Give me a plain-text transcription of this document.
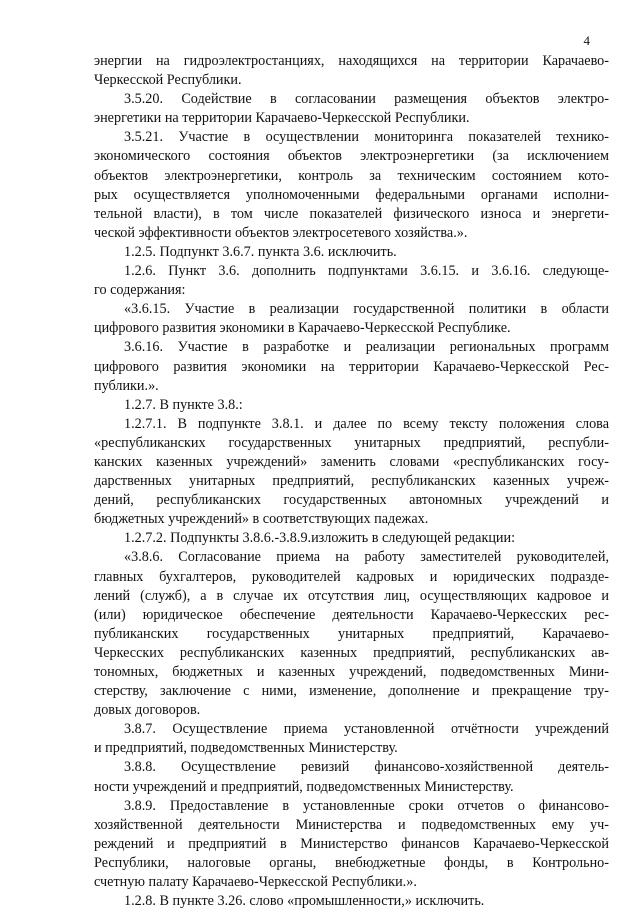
4
энергии на гидроэлектростанциях, находящихся на территории Карачаево-
Черкесской Республики.
3.5.20. Содействие в согласовании размещения объектов электро-
энергетики на территории Карачаево-Черкесской Республики.
3.5.21. Участие в осуществлении мониторинга показателей технико-
экономического состояния объектов электроэнергетики (за исключением
объектов электроэнергетики, контроль за техническим состоянием кото-
рых осуществляется уполномоченными федеральными органами исполни-
тельной власти), в том числе показателей физического износа и энергети-
ческой эффективности объектов электросетевого хозяйства.».
1.2.5. Подпункт 3.6.7. пункта 3.6. исключить.
1.2.6. Пункт 3.6. дополнить подпунктами 3.6.15. и 3.6.16. следующе-
го содержания:
«3.6.15. Участие в реализации государственной политики в области
цифрового развития экономики в Карачаево-Черкесской Республике.
3.6.16. Участие в разработке и реализации региональных программ
цифрового развития экономики на территории Карачаево-Черкесской Рес-
публики.».
1.2.7. В пункте 3.8.:
1.2.7.1. В подпункте 3.8.1. и далее по всему тексту положения слова
«республиканских государственных унитарных предприятий, республи-
канских казенных учреждений» заменить словами «республиканских госу-
дарственных унитарных предприятий, республиканских казенных учреж-
дений, республиканских государственных автономных учреждений и
бюджетных учреждений» в соответствующих падежах.
1.2.7.2. Подпункты 3.8.6.-3.8.9.изложить в следующей редакции:
«3.8.6. Согласование приема на работу заместителей руководителей,
главных бухгалтеров, руководителей кадровых и юридических подразде-
лений (служб), а в случае их отсутствия лиц, осуществляющих кадровое и
(или) юридическое обеспечение деятельности Карачаево-Черкесских рес-
публиканских государственных унитарных предприятий, Карачаево-
Черкесских республиканских казенных предприятий, республиканских ав-
тономных, бюджетных и казенных учреждений, подведомственных Мини-
стерству, заключение с ними, изменение, дополнение и прекращение тру-
довых договоров.
3.8.7. Осуществление приема установленной отчётности учреждений
и предприятий, подведомственных Министерству.
3.8.8. Осуществление ревизий финансово-хозяйственной деятель-
ности учреждений и предприятий, подведомственных Министерству.
3.8.9. Предоставление в установленные сроки отчетов о финансово-
хозяйственной деятельности Министерства и подведомственных ему уч-
реждений и предприятий в Министерство финансов Карачаево-Черкесской
Республики, налоговые органы, внебюджетные фонды, в Контрольно-
счетную палату Карачаево-Черкесской Республики.».
1.2.8. В пункте 3.26. слово «промышленности,» исключить.
